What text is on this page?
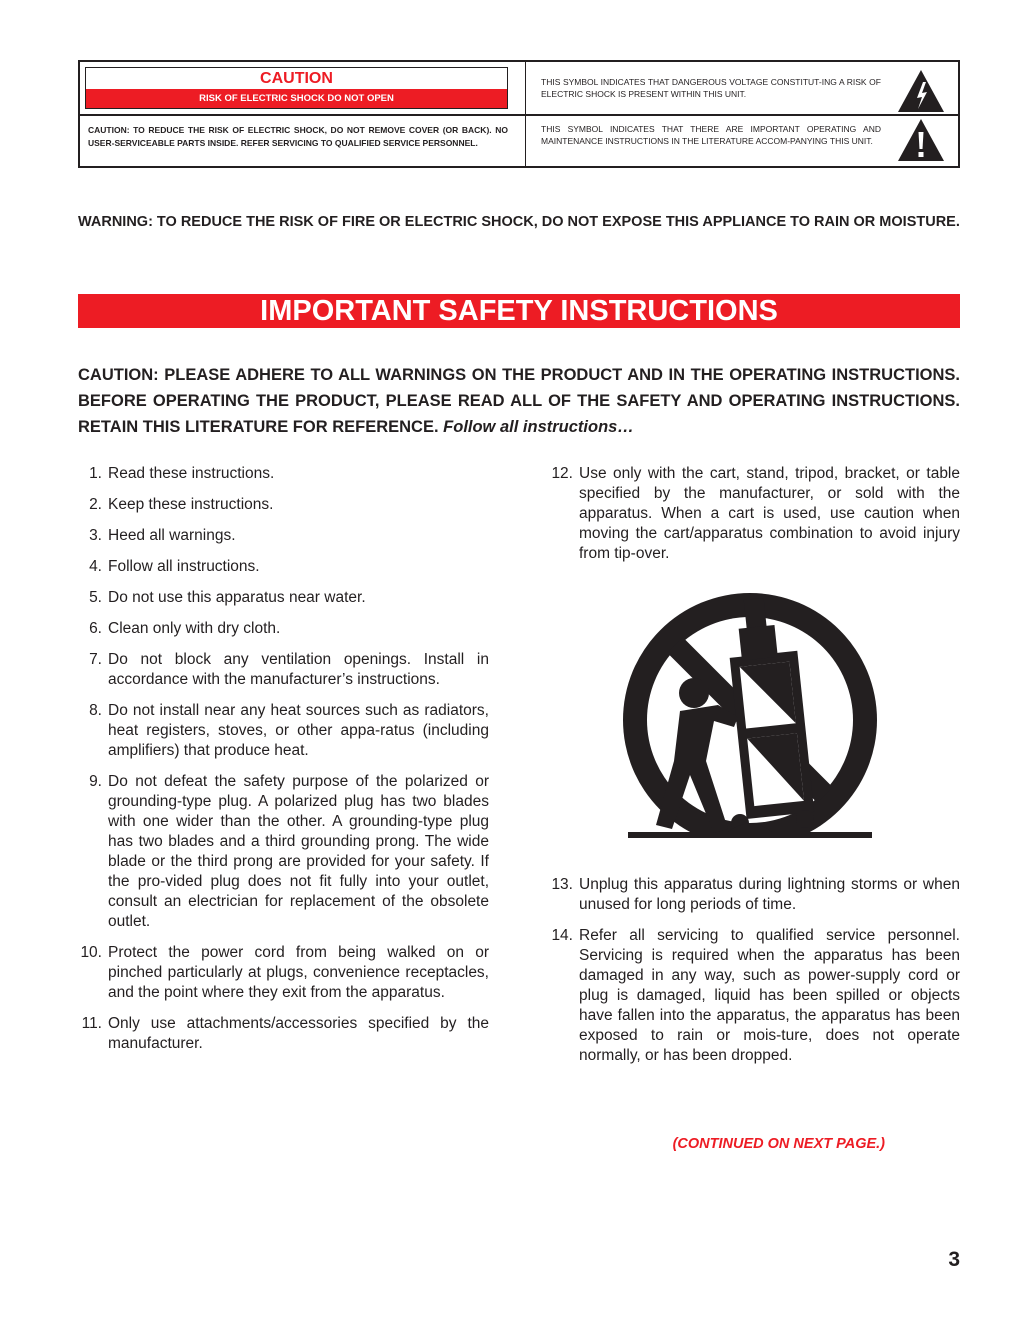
CAUTION
RISK OF ELECTRIC SHOCK DO NOT OPEN
CAUTION: TO REDUCE THE RISK OF ELECTRIC SHOCK, DO NOT REMOVE COVER (OR BACK). NO USER-SERVICEABLE PARTS INSIDE. REFER SERVICING TO QUALIFIED SERVICE PERSONNEL.
THIS SYMBOL INDICATES THAT DANGEROUS VOLTAGE CONSTITUT-ING A RISK OF ELECTRIC SHOCK IS PRESENT WITHIN THIS UNIT.
THIS SYMBOL INDICATES THAT THERE ARE IMPORTANT OPERATING AND MAINTENANCE INSTRUCTIONS IN THE LITERATURE ACCOM-PANYING THIS UNIT.
WARNING: TO REDUCE THE RISK OF FIRE OR ELECTRIC SHOCK, DO NOT EXPOSE THIS APPLIANCE TO RAIN OR MOISTURE.
IMPORTANT SAFETY INSTRUCTIONS
CAUTION: PLEASE ADHERE TO ALL WARNINGS ON THE PRODUCT AND IN THE OPERATING INSTRUCTIONS. BEFORE OPERATING THE PRODUCT, PLEASE READ ALL OF THE SAFETY AND OPERATING INSTRUCTIONS. RETAIN THIS LITERATURE FOR REFERENCE. Follow all instructions…
1. Read these instructions.
2. Keep these instructions.
3. Heed all warnings.
4. Follow all instructions.
5. Do not use this apparatus near water.
6. Clean only with dry cloth.
7. Do not block any ventilation openings. Install in accordance with the manufacturer’s instructions.
8. Do not install near any heat sources such as radiators, heat registers, stoves, or other appa-ratus (including amplifiers) that produce heat.
9. Do not defeat the safety purpose of the polarized or grounding-type plug. A polarized plug has two blades with one wider than the other. A grounding-type plug has two blades and a third grounding prong. The wide blade or the third prong are provided for your safety. If the pro-vided plug does not fit fully into your outlet, consult an electrician for replacement of the obsolete outlet.
10. Protect the power cord from being walked on or pinched particularly at plugs, convenience receptacles, and the point where they exit from the apparatus.
11. Only use attachments/accessories specified by the manufacturer.
12. Use only with the cart, stand, tripod, bracket, or table specified by the manufacturer, or sold with the apparatus. When a cart is used, use caution when moving the cart/apparatus combination to avoid injury from tip-over.
13. Unplug this apparatus during lightning storms or when unused for long periods of time.
14. Refer all servicing to qualified service personnel. Servicing is required when the apparatus has been damaged in any way, such as power-supply cord or plug is damaged, liquid has been spilled or objects have fallen into the apparatus, the apparatus has been exposed to rain or mois-ture, does not operate normally, or has been dropped.
(CONTINUED ON NEXT PAGE.)
3
